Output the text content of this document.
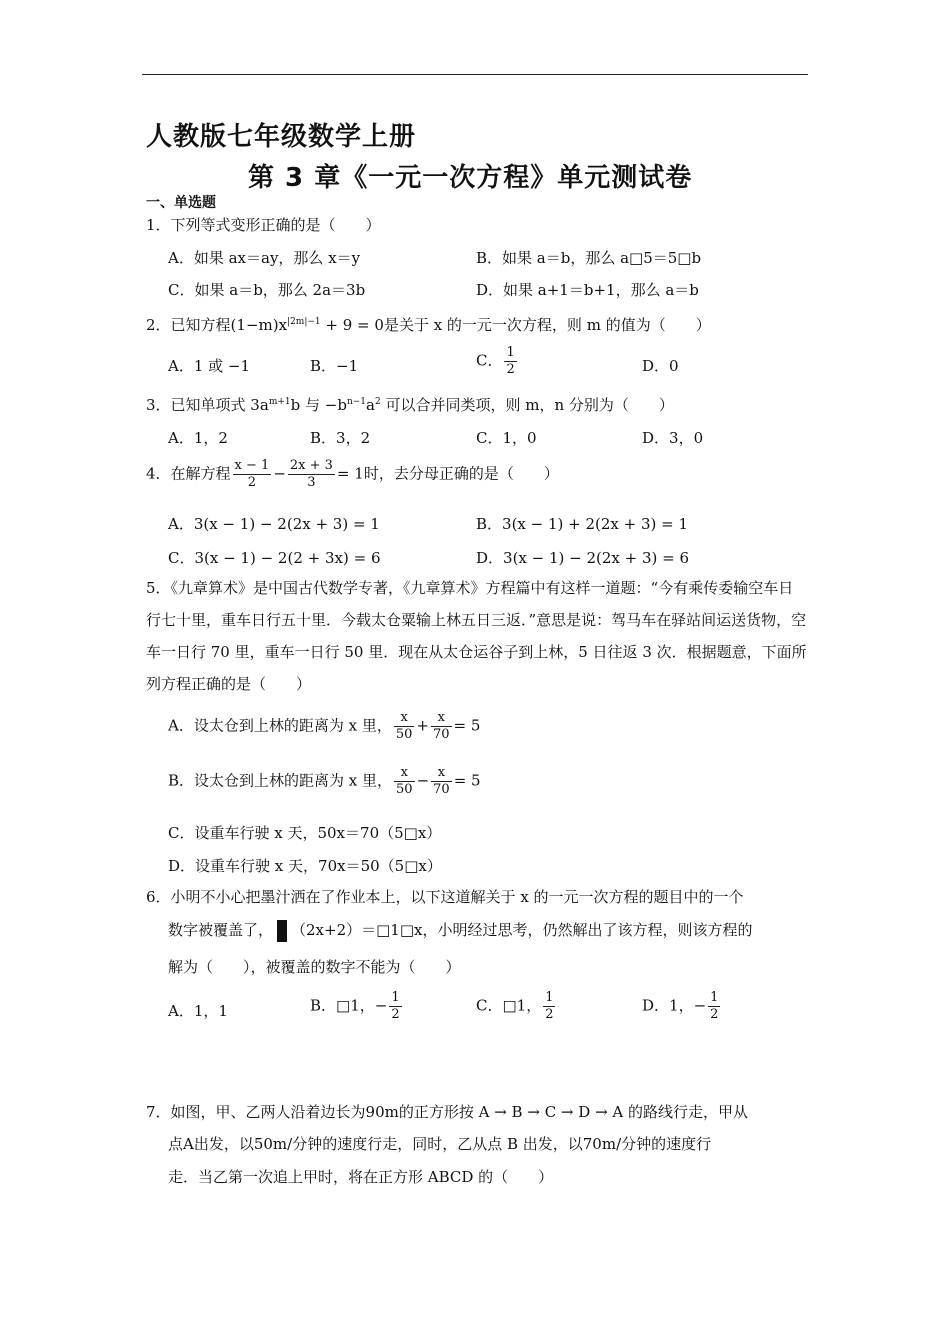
人教版七年级数学上册
第 3 章《一元一次方程》单元测试卷
一、单选题
1．下列等式变形正确的是（　　）
A．如果 ax＝ay，那么 x＝y	B．如果 a＝b，那么 a□5＝5□b
C．如果 a＝b，那么 2a＝3b	D．如果 a+1＝b+1，那么 a＝b
2．已知方程$(1-m)x^{|2m|-1} + 9 = 0$是关于 x 的一元一次方程，则 m 的值为（　　）
A．1 或 −1	B．−1	C． $\frac{1}{2}$	D．0
3．已知单项式 $3a^{m+1}b$ 与 $-b^{n-1}a^2$ 可以合并同类项，则 m，n 分别为（　　）
A．1，2	B．3，2	C．1，0	D．3，0
4．在解方程 $\frac{x - 1}{2} - \frac{2x + 3}{3} = 1$时，去分母正确的是（　　）
A．3(x − 1) − 2(2x + 3) = 1	B．3(x − 1) + 2(2x + 3) = 1
C．3(x − 1) − 2(2 + 3x) = 6	D．3(x − 1) − 2(2x + 3) = 6
5．《九章算术》是中国古代数学专著，《九章算术》方程篇中有这样一道题：“今有乘传委输空车日行七十里，重车日行五十里．今载太仓粟输上林五日三返．”意思是说：驾马车在驿站间运送货物，空车一日行 70 里，重车一日行 50 里．现在从太仓运谷子到上林，5 日往返 3 次．根据题意，下面所列方程正确的是（　　）
A．设太仓到上林的距离为 x 里， $\frac{x}{50} + \frac{x}{70} = 5$
B．设太仓到上林的距离为 x 里， $\frac{x}{50} - \frac{x}{70} = 5$
C．设重车行驶 x 天，50x＝70（5□x）
D．设重车行驶 x 天，70x＝50（5□x）
6．小明不小心把墨汁洒在了作业本上，以下这道解关于 x 的一元一次方程的题目中的一个
数字被覆盖了， （2x+2）＝□1□x，小明经过思考，仍然解出了该方程，则该方程的
解为（　　），被覆盖的数字不能为（　　）
A．1，1	B．□1，− $\frac{1}{2}$	C．□1， $\frac{1}{2}$	D．1，− $\frac{1}{2}$
7．如图，甲、乙两人沿着边长为90m的正方形按 A → B → C → D → A 的路线行走，甲从
点A出发，以50m/分钟的速度行走，同时，乙从点 B 出发，以70m/分钟的速度行
走．当乙第一次追上甲时，将在正方形 ABCD 的（　　）
